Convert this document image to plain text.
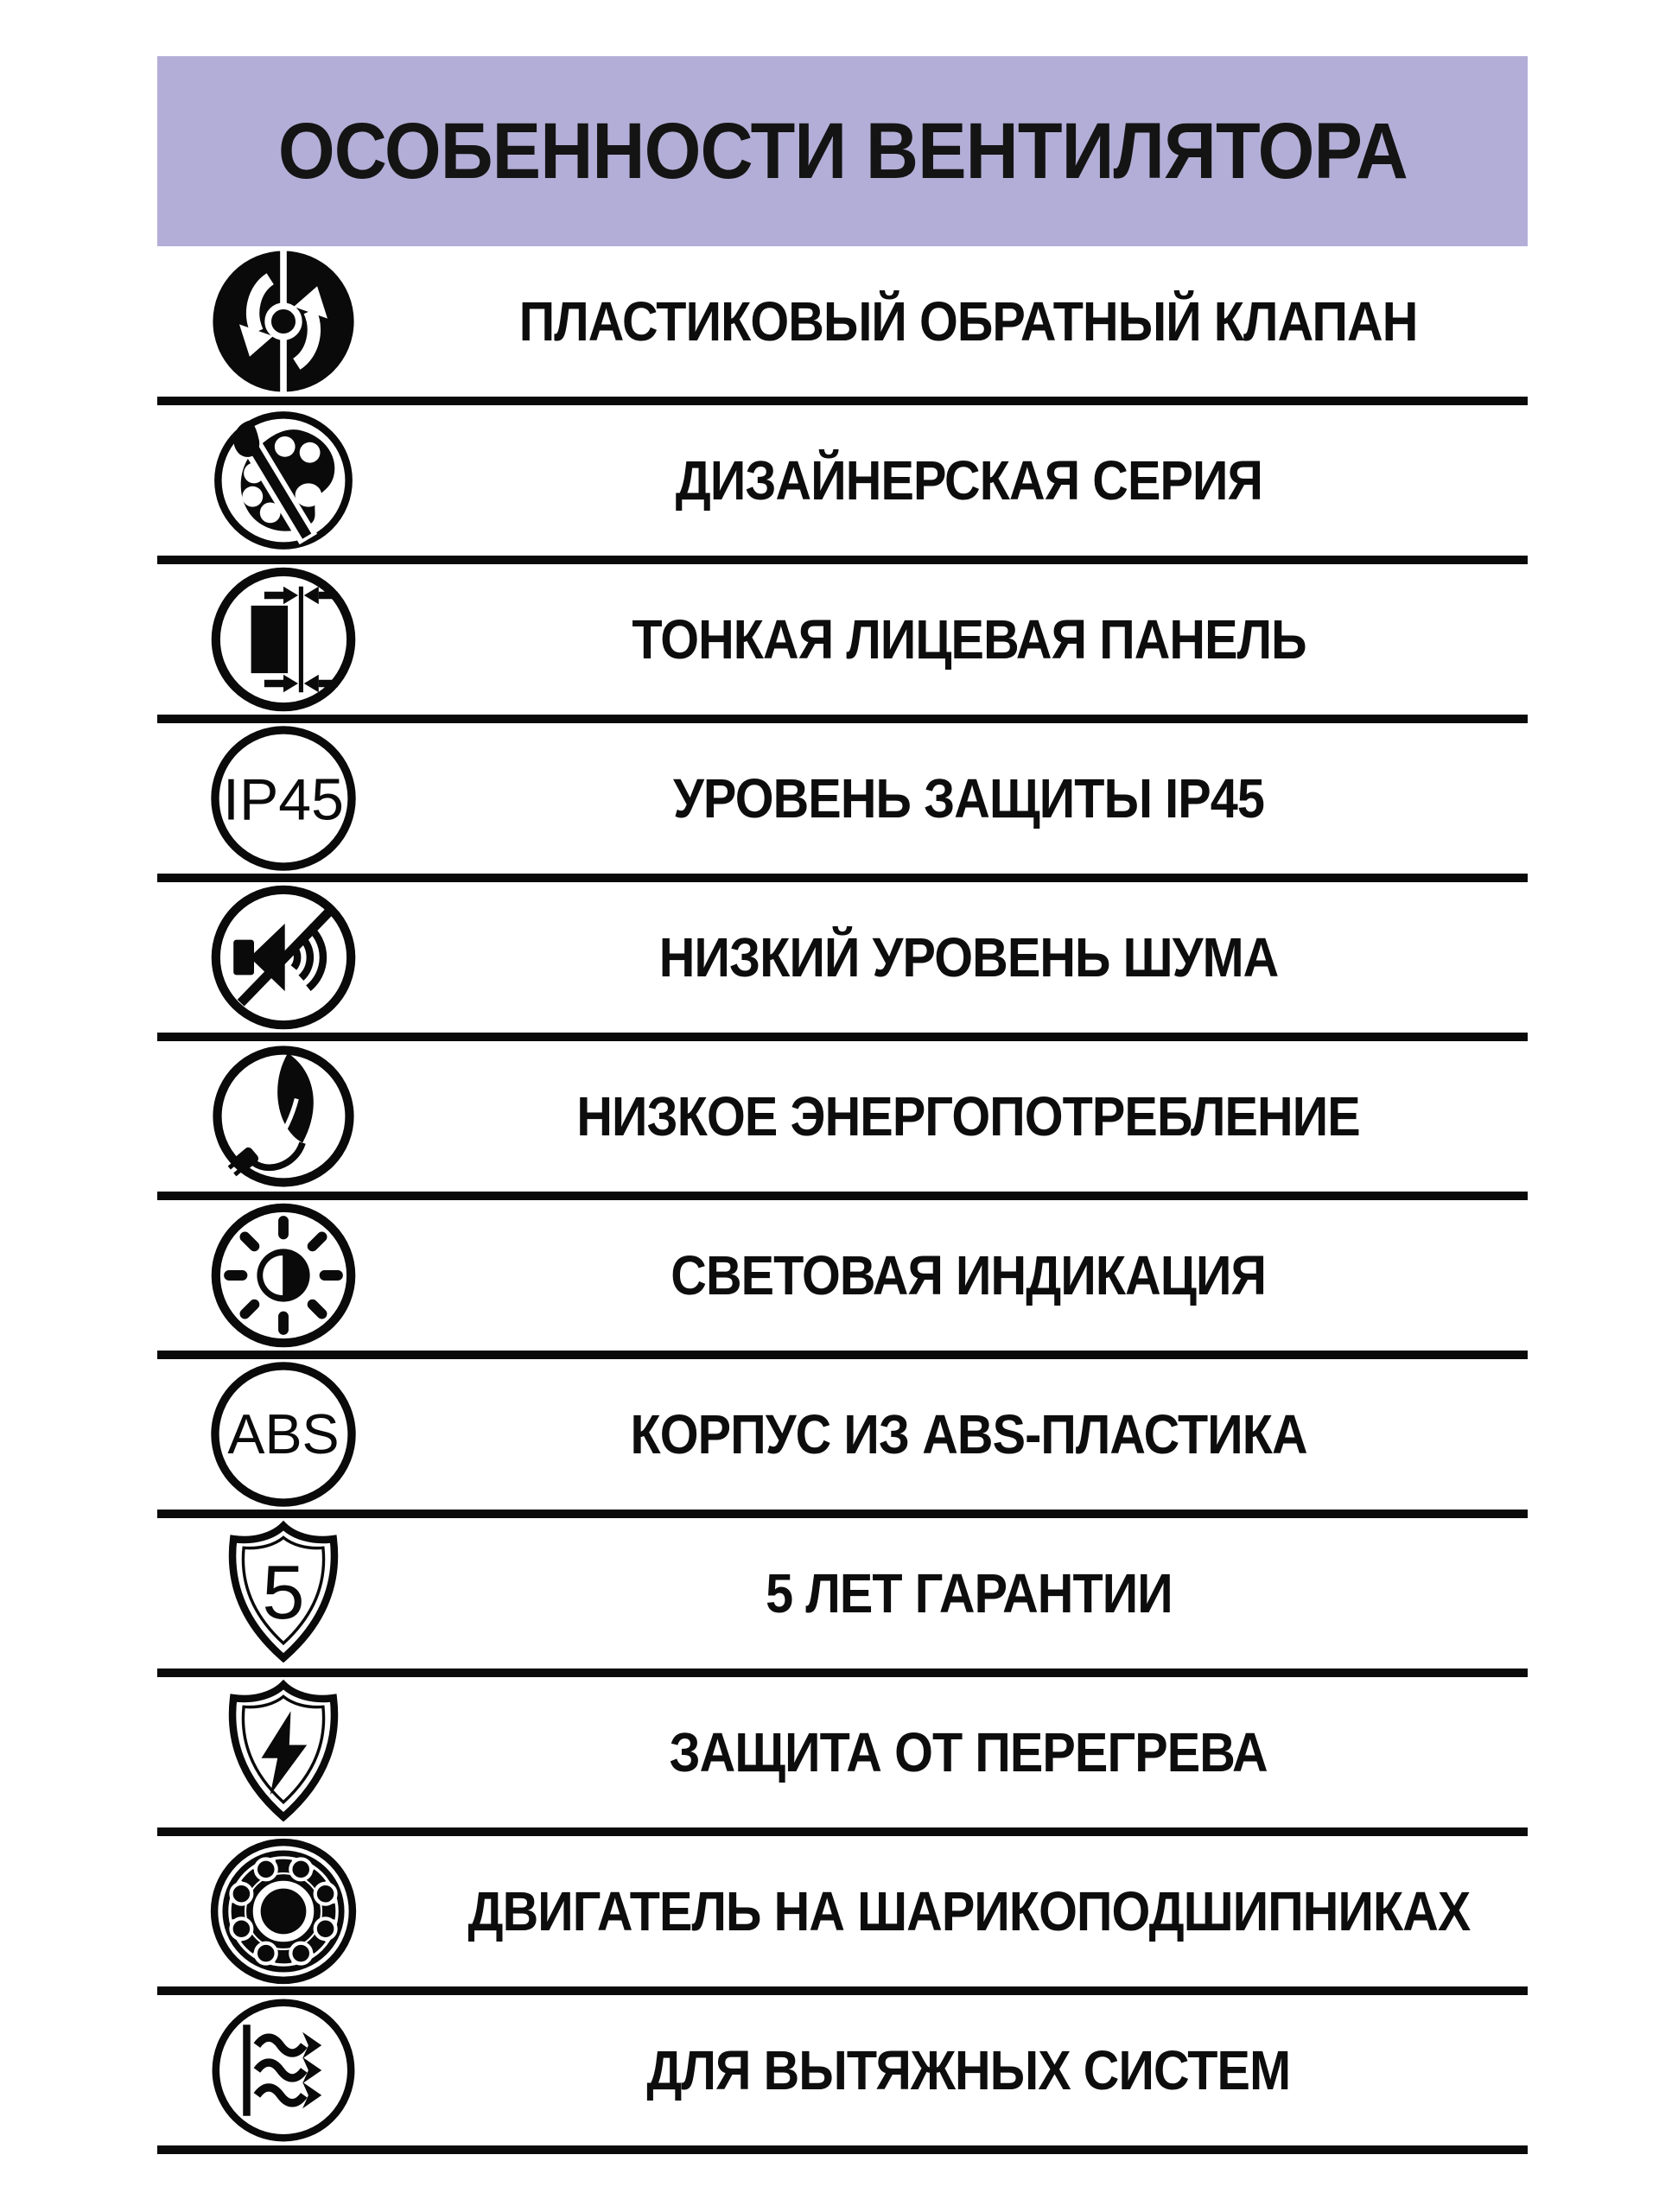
ОСОБЕННОСТИ ВЕНТИЛЯТОРА
ПЛАСТИКОВЫЙ ОБРАТНЫЙ КЛАПАН
ДИЗАЙНЕРСКАЯ СЕРИЯ
ТОНКАЯ ЛИЦЕВАЯ ПАНЕЛЬ
IP45	УРОВЕНЬ ЗАЩИТЫ IP45
НИЗКИЙ УРОВЕНЬ ШУМА
НИЗКОЕ ЭНЕРГОПОТРЕБЛЕНИЕ
СВЕТОВАЯ ИНДИКАЦИЯ
ABS	КОРПУС ИЗ ABS-ПЛАСТИКА
5	5 ЛЕТ ГАРАНТИИ
ЗАЩИТА ОТ ПЕРЕГРЕВА
ДВИГАТЕЛЬ НА ШАРИКОПОДШИПНИКАХ
ДЛЯ ВЫТЯЖНЫХ СИСТЕМ
